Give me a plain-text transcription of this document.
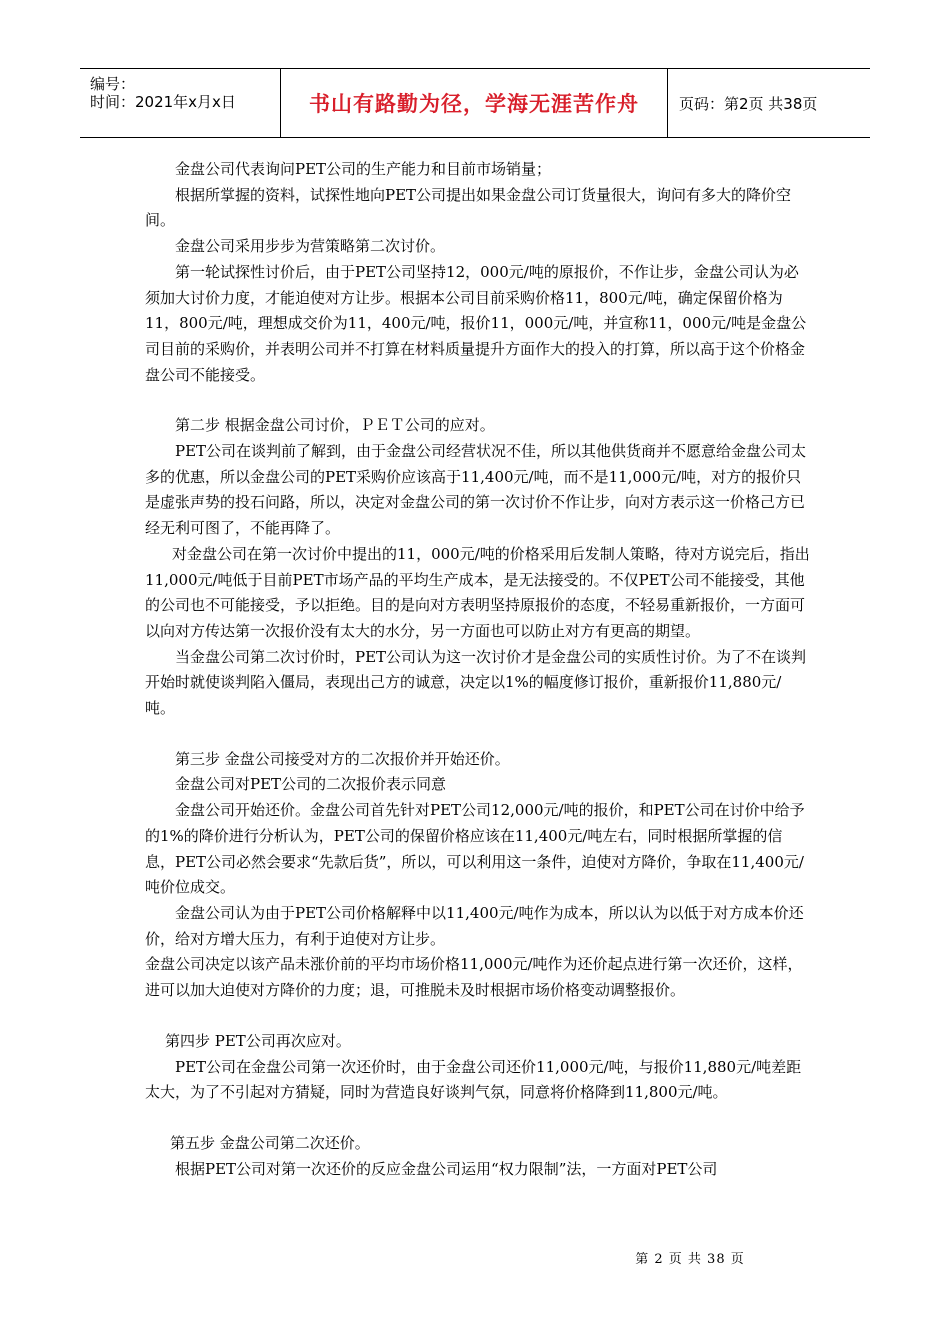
编号：
时间：2021年x月x日	书山有路勤为径，学海无涯苦作舟	页码：第2页 共38页

金盘公司代表询问PET公司的生产能力和目前市场销量；

根据所掌握的资料，试探性地向PET公司提出如果金盘公司订货量很大，询问有多大的降价空间。

金盘公司采用步步为营策略第二次讨价。

第一轮试探性讨价后，由于PET公司坚持12，000元/吨的原报价，不作让步，金盘公司认为必须加大讨价力度，才能迫使对方让步。根据本公司目前采购价格11，800元/吨，确定保留价格为11，800元/吨，理想成交价为11，400元/吨，报价11，000元/吨，并宣称11，000元/吨是金盘公司目前的采购价，并表明公司并不打算在材料质量提升方面作大的投入的打算，所以高于这个价格金盘公司不能接受。

第二步 根据金盘公司讨价，ＰＥＴ公司的应对。

PET公司在谈判前了解到，由于金盘公司经营状况不佳，所以其他供货商并不愿意给金盘公司太多的优惠，所以金盘公司的PET采购价应该高于11,400元/吨，而不是11,000元/吨，对方的报价只是虚张声势的投石问路，所以，决定对金盘公司的第一次讨价不作让步，向对方表示这一价格己方已经无利可图了，不能再降了。

对金盘公司在第一次讨价中提出的11，000元/吨的价格采用后发制人策略，待对方说完后，指出11,000元/吨低于目前PET市场产品的平均生产成本，是无法接受的。不仅PET公司不能接受，其他的公司也不可能接受，予以拒绝。目的是向对方表明坚持原报价的态度，不轻易重新报价，一方面可以向对方传达第一次报价没有太大的水分，另一方面也可以防止对方有更高的期望。

当金盘公司第二次讨价时，PET公司认为这一次讨价才是金盘公司的实质性讨价。为了不在谈判开始时就使谈判陷入僵局，表现出己方的诚意，决定以1%的幅度修订报价，重新报价11,880元/吨。

第三步 金盘公司接受对方的二次报价并开始还价。

金盘公司对PET公司的二次报价表示同意

金盘公司开始还价。金盘公司首先针对PET公司12,000元/吨的报价，和PET公司在讨价中给予的1%的降价进行分析认为，PET公司的保留价格应该在11,400元/吨左右，同时根据所掌握的信息，PET公司必然会要求“先款后货”，所以，可以利用这一条件，迫使对方降价，争取在11,400元/吨价位成交。

金盘公司认为由于PET公司价格解释中以11,400元/吨作为成本，所以认为以低于对方成本价还价，给对方增大压力，有利于迫使对方让步。

金盘公司决定以该产品未涨价前的平均市场价格11,000元/吨作为还价起点进行第一次还价，这样，进可以加大迫使对方降价的力度；退，可推脱未及时根据市场价格变动调整报价。

第四步 PET公司再次应对。

PET公司在金盘公司第一次还价时，由于金盘公司还价11,000元/吨，与报价11,880元/吨差距太大，为了不引起对方猜疑，同时为营造良好谈判气氛，同意将价格降到11,800元/吨。

第五步 金盘公司第二次还价。

根据PET公司对第一次还价的反应金盘公司运用“权力限制”法，一方面对PET公司

第 2 页 共 38 页
